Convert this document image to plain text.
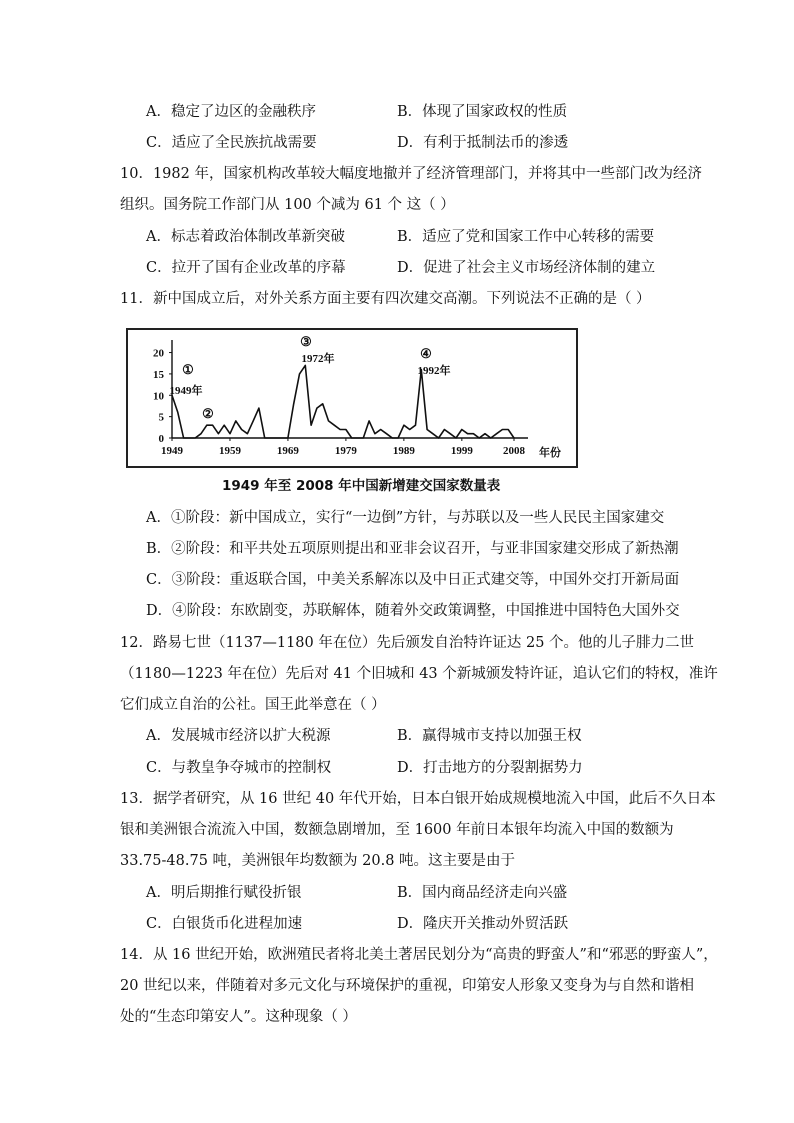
A．稳定了边区的金融秩序	B．体现了国家政权的性质
C．适应了全民族抗战需要	D．有利于抵制法币的渗透
10．1982 年，国家机构改革较大幅度地撤并了经济管理部门，并将其中一些部门改为经济
组织。国务院工作部门从 100 个减为 61 个 这（ ）
A．标志着政治体制改革新突破	B．适应了党和国家工作中心转移的需要
C．拉开了国有企业改革的序幕	D．促进了社会主义市场经济体制的建立
11．新中国成立后，对外关系方面主要有四次建交高潮。下列说法不正确的是（ ）
0
5
10
15
20
1949	1959	1969	1979	1989	1999	2008 年份
①
1949年
②
③
1972年	④
1992年
1949 年至 2008 年中国新增建交国家数量表
A．①阶段：新中国成立，实行“一边倒”方针，与苏联以及一些人民民主国家建交
B．②阶段：和平共处五项原则提出和亚非会议召开，与亚非国家建交形成了新热潮
C．③阶段：重返联合国，中美关系解冻以及中日正式建交等，中国外交打开新局面
D．④阶段：东欧剧变，苏联解体，随着外交政策调整，中国推进中国特色大国外交
12．路易七世（1137—1180 年在位）先后颁发自治特许证达 25 个。他的儿子腓力二世
（1180—1223 年在位）先后对 41 个旧城和 43 个新城颁发特许证，追认它们的特权，准许
它们成立自治的公社。国王此举意在（ ）
A．发展城市经济以扩大税源	B．赢得城市支持以加强王权
C．与教皇争夺城市的控制权	D．打击地方的分裂割据势力
13．据学者研究，从 16 世纪 40 年代开始，日本白银开始成规模地流入中国，此后不久日本
银和美洲银合流流入中国，数额急剧增加，至 1600 年前日本银年均流入中国的数额为
33.75-48.75 吨，美洲银年均数额为 20.8 吨。这主要是由于
A．明后期推行赋役折银	B．国内商品经济走向兴盛
C．白银货币化进程加速	D．隆庆开关推动外贸活跃
14．从 16 世纪开始，欧洲殖民者将北美土著居民划分为“高贵的野蛮人”和“邪恶的野蛮人”，
20 世纪以来，伴随着对多元文化与环境保护的重视，印第安人形象又变身为与自然和谐相
处的“生态印第安人”。这种现象（ ）
